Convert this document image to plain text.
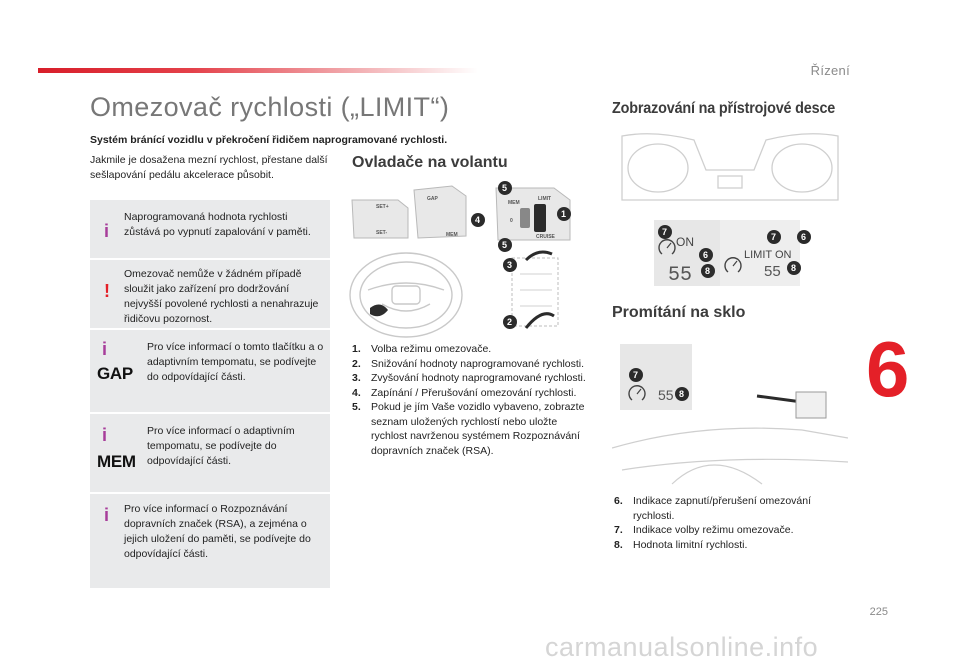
Řízení
6
225
carmanualsonline.info
Omezovač rychlosti („LIMIT“)
Systém bránící vozidlu v překročení řidičem naprogramované rychlosti.
Jakmile je dosažena mezní rychlost, přestane další sešlapování pedálu akcelerace působit.
i
Naprogramovaná hodnota rychlosti zůstává po vypnutí zapalování v paměti.
!
Omezovač nemůže v žádném případě sloužit jako zařízení pro dodržování nejvyšší povolené rychlosti a nenahrazuje řidičovu pozornost.
i
GAP
Pro více informací o tomto tlačítku a o adaptivním tempomatu, se podívejte do odpovídající části.
i
MEM
Pro více informací o adaptivním tempomatu, se podívejte do odpovídající části.
i Pro více informací o Rozpoznávání dopravních značek (RSA), a zejména o jejich uložení do paměti, se podívejte do odpovídající části.
Ovladače na volantu
GAP
MEM
MEM
SET+
SET-
LIMIT
CRUISE
0
1
2
3
4
5
5
1. Volba režimu omezovače.
2. Snižování hodnoty naprogramované rychlosti.
3. Zvyšování hodnoty naprogramované rychlosti.
4. Zapínání / Přerušování omezování rychlosti.
5. Pokud je jím Vaše vozidlo vybaveno, zobrazte seznam uložených rychlostí nebo uložte rychlost navrženou systémem Rozpoznávání dopravních značek (RSA).
Zobrazování na přístrojové desce
ON
55
LIMIT ON
55
7
6
8
7	6
8
Promítání na sklo
55
7
8
6. Indikace zapnutí/přerušení omezování rychlosti.
7. Indikace volby režimu omezovače.
8. Hodnota limitní rychlosti.
